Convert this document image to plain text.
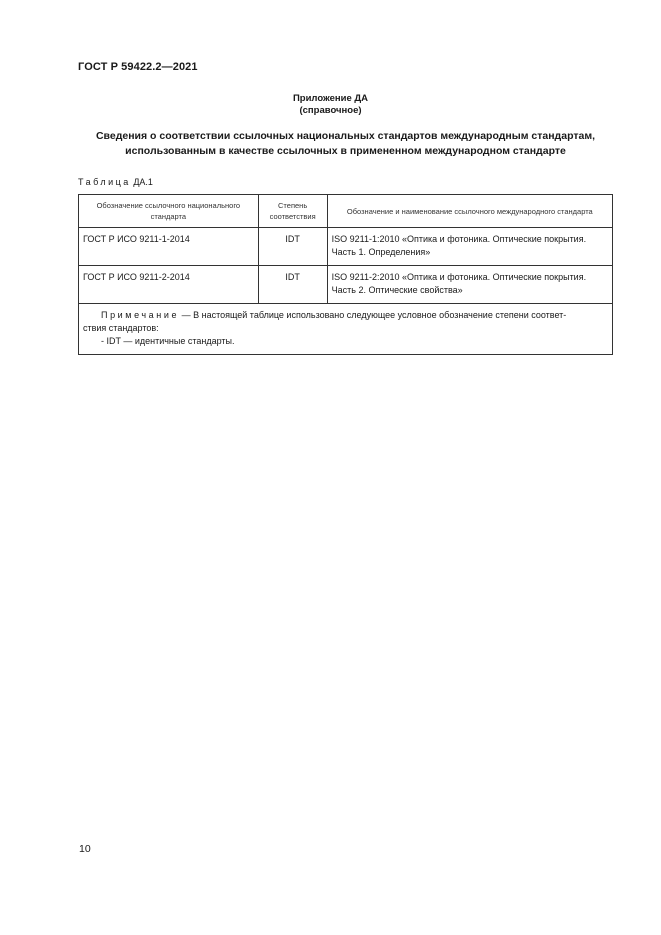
ГОСТ Р 59422.2—2021
Приложение ДА
(справочное)
Сведения о соответствии ссылочных национальных стандартов международным стандартам,
использованным в качестве ссылочных в примененном международном стандарте
Таблица ДА.1
Обозначение ссылочного национального стандарта	Степень соответствия	Обозначение и наименование ссылочного международного стандарта
ГОСТ Р ИСО 9211-1-2014	IDT	ISO 9211-1:2010 «Оптика и фотоника. Оптические покрытия.
Часть 1. Определения»

ГОСТ Р ИСО 9211-2-2014	IDT	ISO 9211-2:2010 «Оптика и фотоника. Оптические покрытия.
Часть 2. Оптические свойства»

Примечание — В настоящей таблице использовано следующее условное обозначение степени соответ-
ствия стандартов:
- IDT — идентичные стандарты.		
10
